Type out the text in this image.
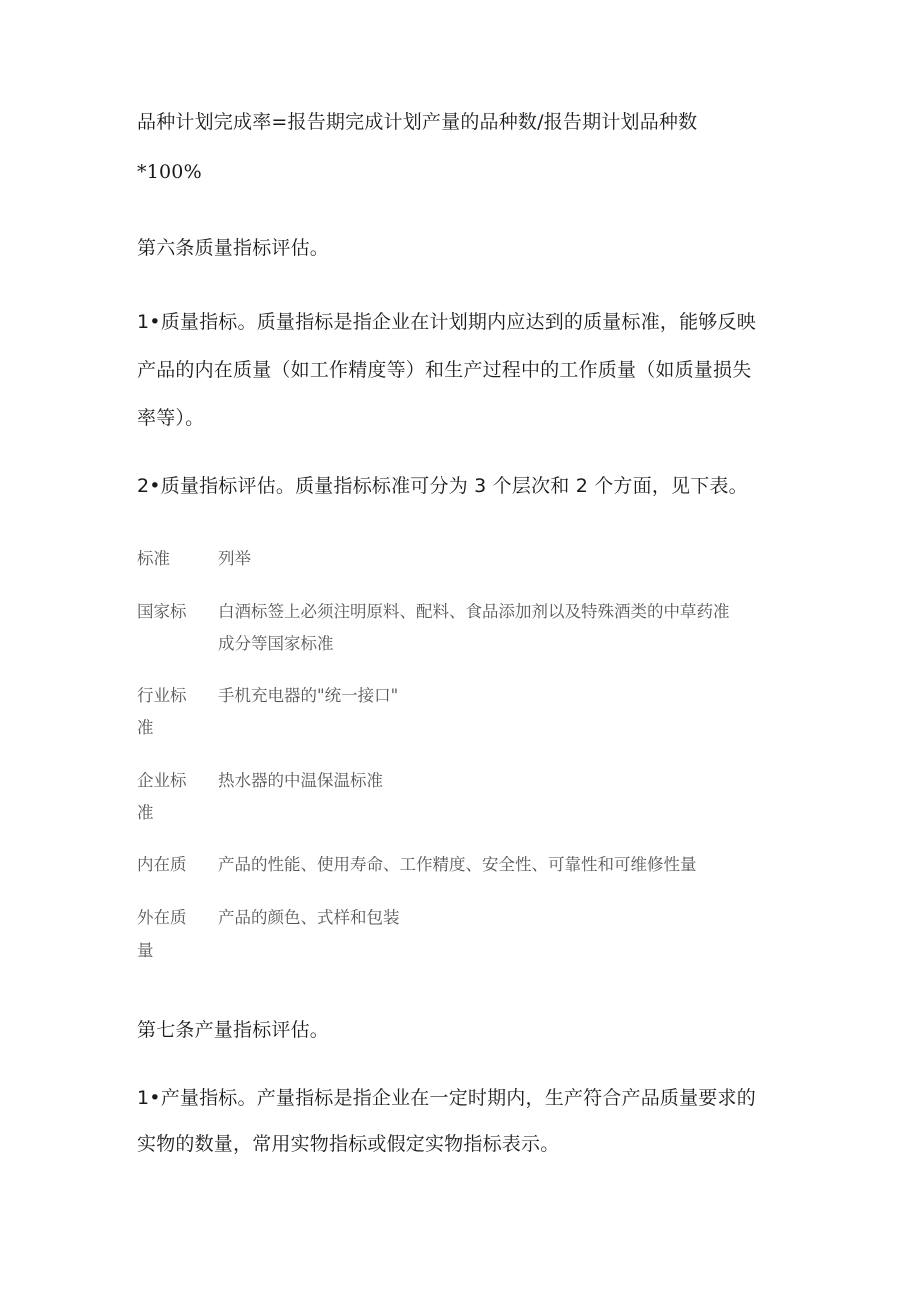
品种计划完成率=报告期完成计划产量的品种数/报告期计划品种数

*100%

第六条质量指标评估。

1•质量指标。质量指标是指企业在计划期内应达到的质量标准，能够反映

产品的内在质量（如工作精度等）和生产过程中的工作质量（如质量损失

率等）。

2•质量指标评估。质量指标标准可分为 3 个层次和 2 个方面，见下表。

标准	列举
国家标 白酒标签上必须注明原料、配料、食品添加剂以及特殊酒类的中草药准
成分等国家标准
行业标 手机充电器的"统一接口"
准
企业标 热水器的中温保温标准
准
内在质 产品的性能、使用寿命、工作精度、安全性、可靠性和可维修性量
外在质 产品的颜色、式样和包装
量

第七条产量指标评估。

1•产量指标。产量指标是指企业在一定时期内，生产符合产品质量要求的

实物的数量，常用实物指标或假定实物指标表示。
